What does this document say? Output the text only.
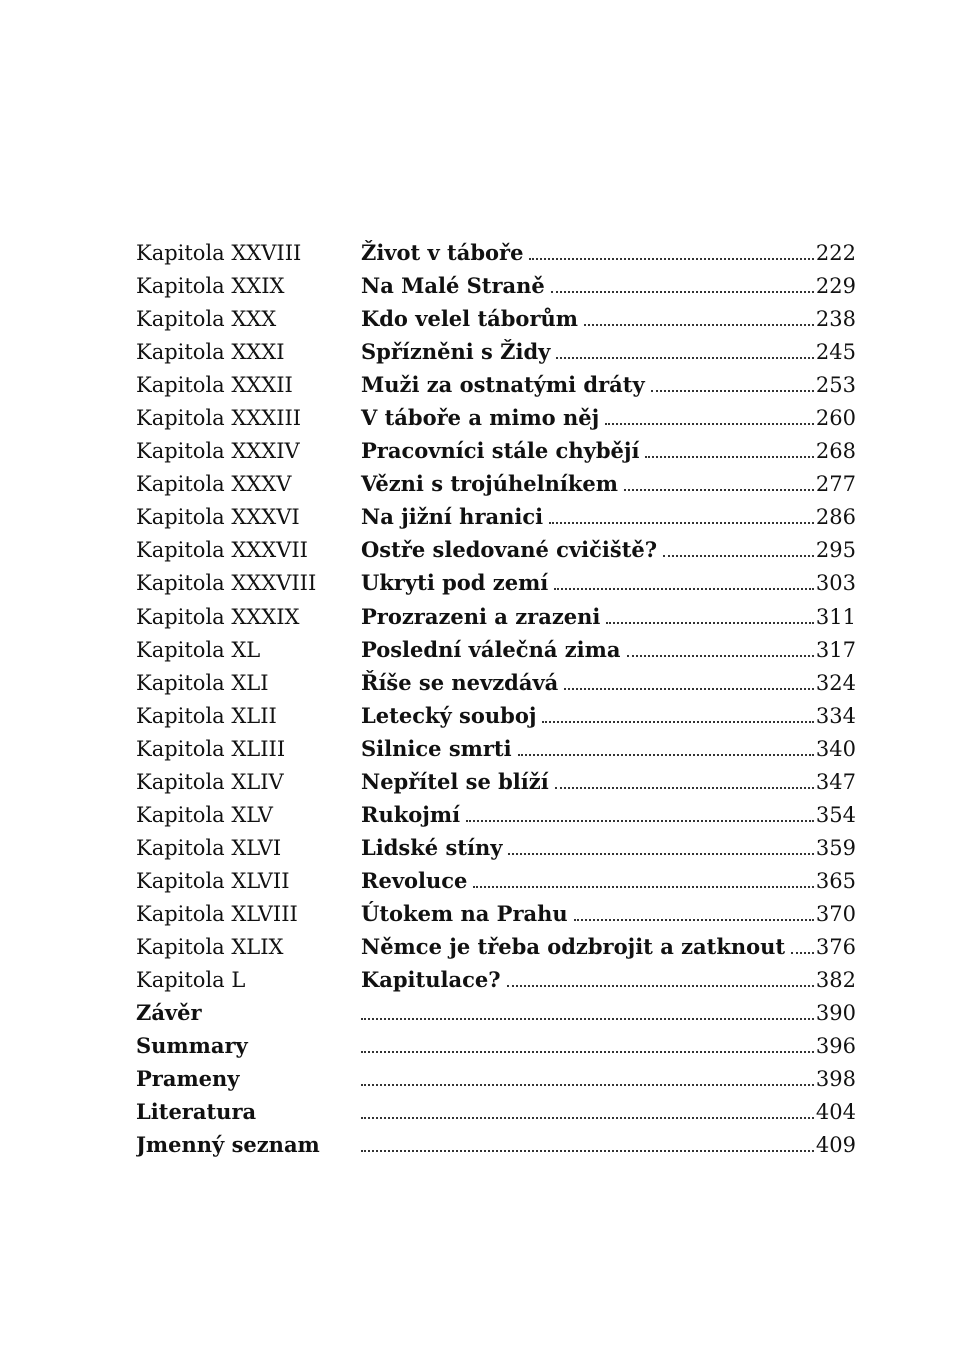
Kapitola XXVIII	Život v táboře	222
Kapitola XXIX	Na Malé Straně	229
Kapitola XXX	Kdo velel táborům	238
Kapitola XXXI	Spřízněni s Židy	245
Kapitola XXXII	Muži za ostnatými dráty	253
Kapitola XXXIII	V táboře a mimo něj	260
Kapitola XXXIV	Pracovníci stále chybějí	268
Kapitola XXXV	Vězni s trojúhelníkem	277
Kapitola XXXVI	Na jižní hranici	286
Kapitola XXXVII	Ostře sledované cvičiště?	295
Kapitola XXXVIII	Ukryti pod zemí	303
Kapitola XXXIX	Prozrazeni a zrazeni	311
Kapitola XL	Poslední válečná zima	317
Kapitola XLI	Říše se nevzdává	324
Kapitola XLII	Letecký souboj	334
Kapitola XLIII	Silnice smrti	340
Kapitola XLIV	Nepřítel se blíží	347
Kapitola XLV	Rukojmí	354
Kapitola XLVI	Lidské stíny	359
Kapitola XLVII	Revoluce	365
Kapitola XLVIII	Útokem na Prahu	370
Kapitola XLIX	Němce je třeba odzbrojit a zatknout 376
Kapitola L	Kapitulace?	382
Závěr	390
Summary	396
Prameny	398
Literatura	404
Jmenný seznam	409
